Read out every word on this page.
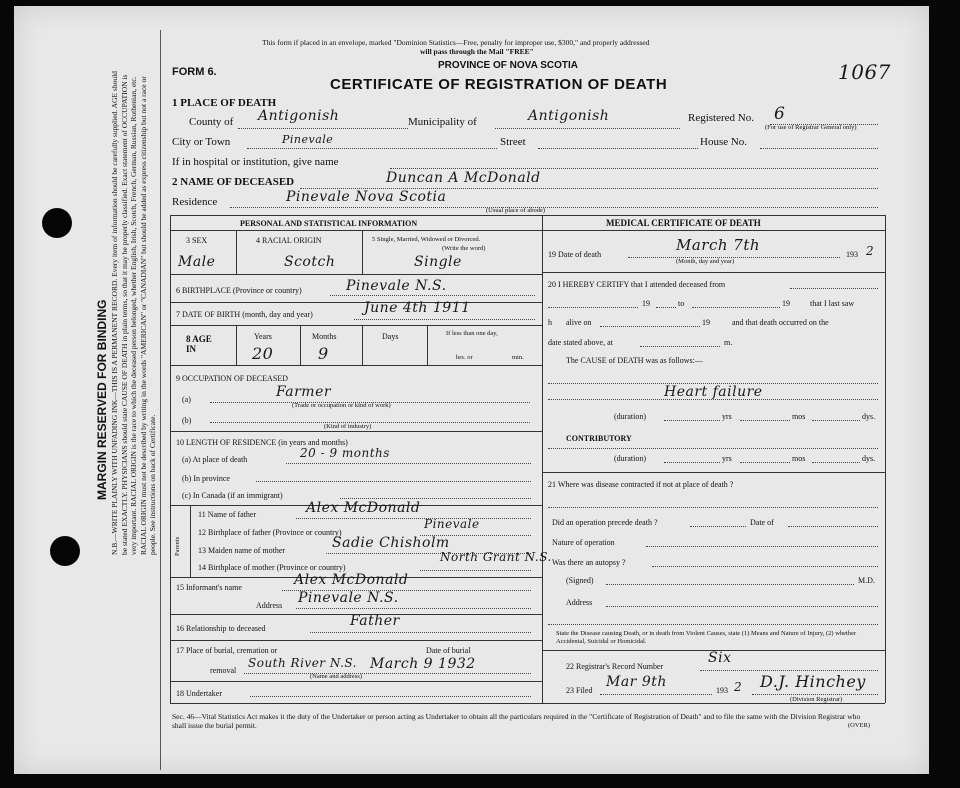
MARGIN RESERVED FOR BINDING N.B.—WRITE PLAINLY WITH UNFADING INK—THIS IS A PERMANENT RECORD. Every item of information should be carefully supplied. AGE should be stated EXACTLY. PHYSICIANS should state CAUSE OF DEATH in plain terms, so that it may be properly classified. Exact statement of OCCUPATION is very important. RACIAL ORIGIN is the race to which the deceased person belonged, whether English, Irish, Scotch, French, German, Russian, Ruthenian, etc. RACIAL ORIGIN must not be described by writing in the words "AMERICAN" or "CANADIAN" but should be added as express citizenship but not a race or people. See instructions on back of Certificate.
This form if placed in an envelope, marked "Dominion Statistics—Free, penalty for improper use, $300," and properly addressed
will pass through the Mail "FREE"
FORM 6.
PROVINCE OF NOVA SCOTIA
CERTIFICATE OF REGISTRATION OF DEATH
1067
1 PLACE OF DEATH
County of Antigonish	Municipality of	Antigonish	Registered No. 6
(For use of Registrar General only)
City or Town	Pinevale	Street	House No.
If in hospital or institution, give name
2 NAME OF DECEASED	Duncan A McDonald
Residence	Pinevale Nova Scotia
(Usual place of abode)
PERSONAL AND STATISTICAL INFORMATION
3 SEX	4 RACIAL ORIGIN	5 Single, Married, Widowed or Divorced.
(Write the word)
Male	Scotch	Single
6 BIRTHPLACE (Province or country)	Pinevale N.S.
7 DATE OF BIRTH (month, day and year)	June 4th 1911
8 AGE IN
Years	Months	Days	If less than one day,
hrs. or	min.
20	9
9 OCCUPATION OF DECEASED
(a)	Farmer
(Trade or occupation or kind of work)
(b)
(Kind of industry)
10 LENGTH OF RESIDENCE (in years and months)
(a) At place of death	20 - 9 months
(b) In province
(c) In Canada (if an immigrant)
Parents
11 Name of father	Alex McDonald
12 Birthplace of father (Province or country)
Pinevale
13 Maiden name of mother	Sadie Chisholm
14 Birthplace of mother (Province or country)
North Grant N.S.
15 Informant's name	Alex McDonald
Address Pinevale N.S.
16 Relationship to deceased	Father
17 Place of burial, cremation or	Date of burial
removal
South River N.S. March 9 1932
(Name and address)
18 Undertaker
MEDICAL CERTIFICATE OF DEATH
19 Date of death
March 7th
(Month, day and year)
193 2
20 I HEREBY CERTIFY that I attended deceased from
19	to	19	that I last saw
h alive on	19	and that death occurred on the
date stated above, at	m.
The CAUSE of DEATH was as follows:—
Heart failure
(duration)	yrs	mos	dys.
CONTRIBUTORY
(duration)	yrs	mos	dys.
21 Where was disease contracted if not at place of death ?
Did an operation precede death ?	Date of
Nature of operation
Was there an autopsy ?
(Signed)	M.D.
Address
State the Disease causing Death, or in death from Violent Causes, state (1) Means and Nature of Injury, (2) whether Accidental, Suicidal or Homicidal.
22 Registrar's Record Number
Six
23 Filed
Mar 9th
193 2 D.J. Hinchey
(Division Registrar)
Sec. 46—Vital Statistics Act makes it the duty of the Undertaker or person acting as Undertaker to obtain all the particulars required in the "Certificate of Registration of Death" and to file the same with the Division Registrar who shall issue the burial permit.	(OVER)
